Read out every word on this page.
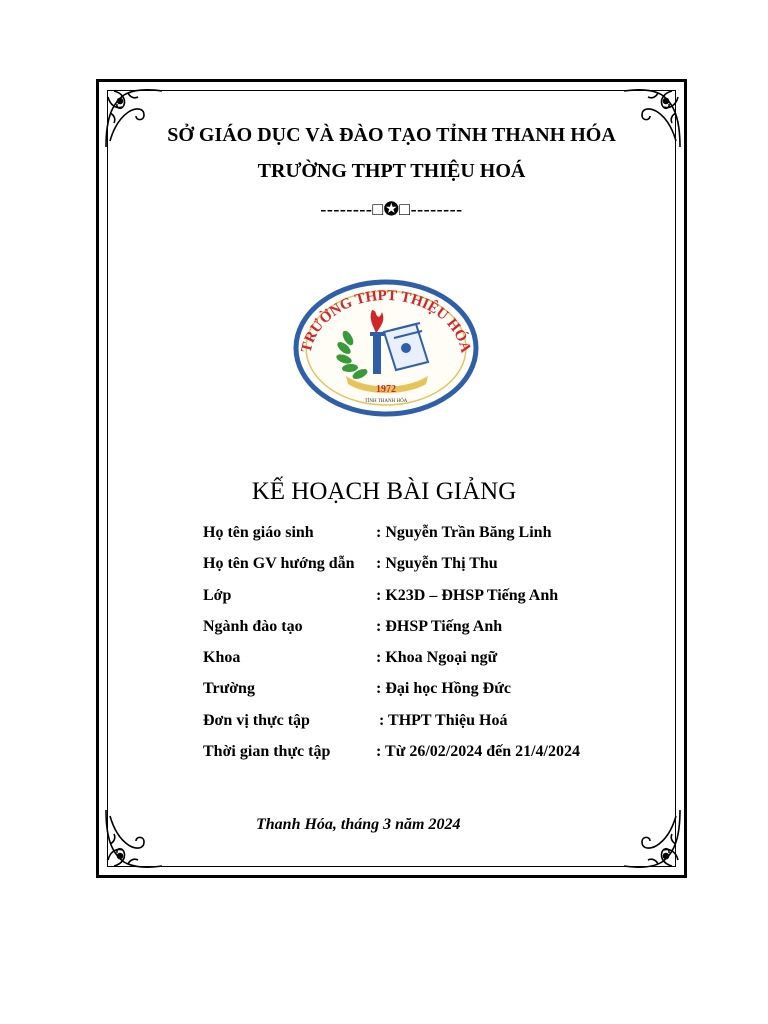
SỞ GIÁO DỤC VÀ ĐÀO TẠO TỈNH THANH HÓA
TRƯỜNG THPT THIỆU HOÁ
--------□✪□--------
TRƯỜNG THPT THIỆU HÓA
1972
TỈNH THANH HÓA
KẾ HOẠCH BÀI GIẢNG
Họ tên giáo sinh	: Nguyễn Trần Băng Linh
Họ tên GV hướng dẫn : Nguyễn Thị Thu
Lớp	: K23D – ĐHSP Tiếng Anh
Ngành đào tạo	: ĐHSP Tiếng Anh
Khoa	: Khoa Ngoại ngữ
Trường	: Đại học Hồng Đức
Đơn vị thực tập	: THPT Thiệu Hoá
Thời gian thực tập	: Từ 26/02/2024 đến 21/4/2024
Thanh Hóa, tháng 3 năm 2024
